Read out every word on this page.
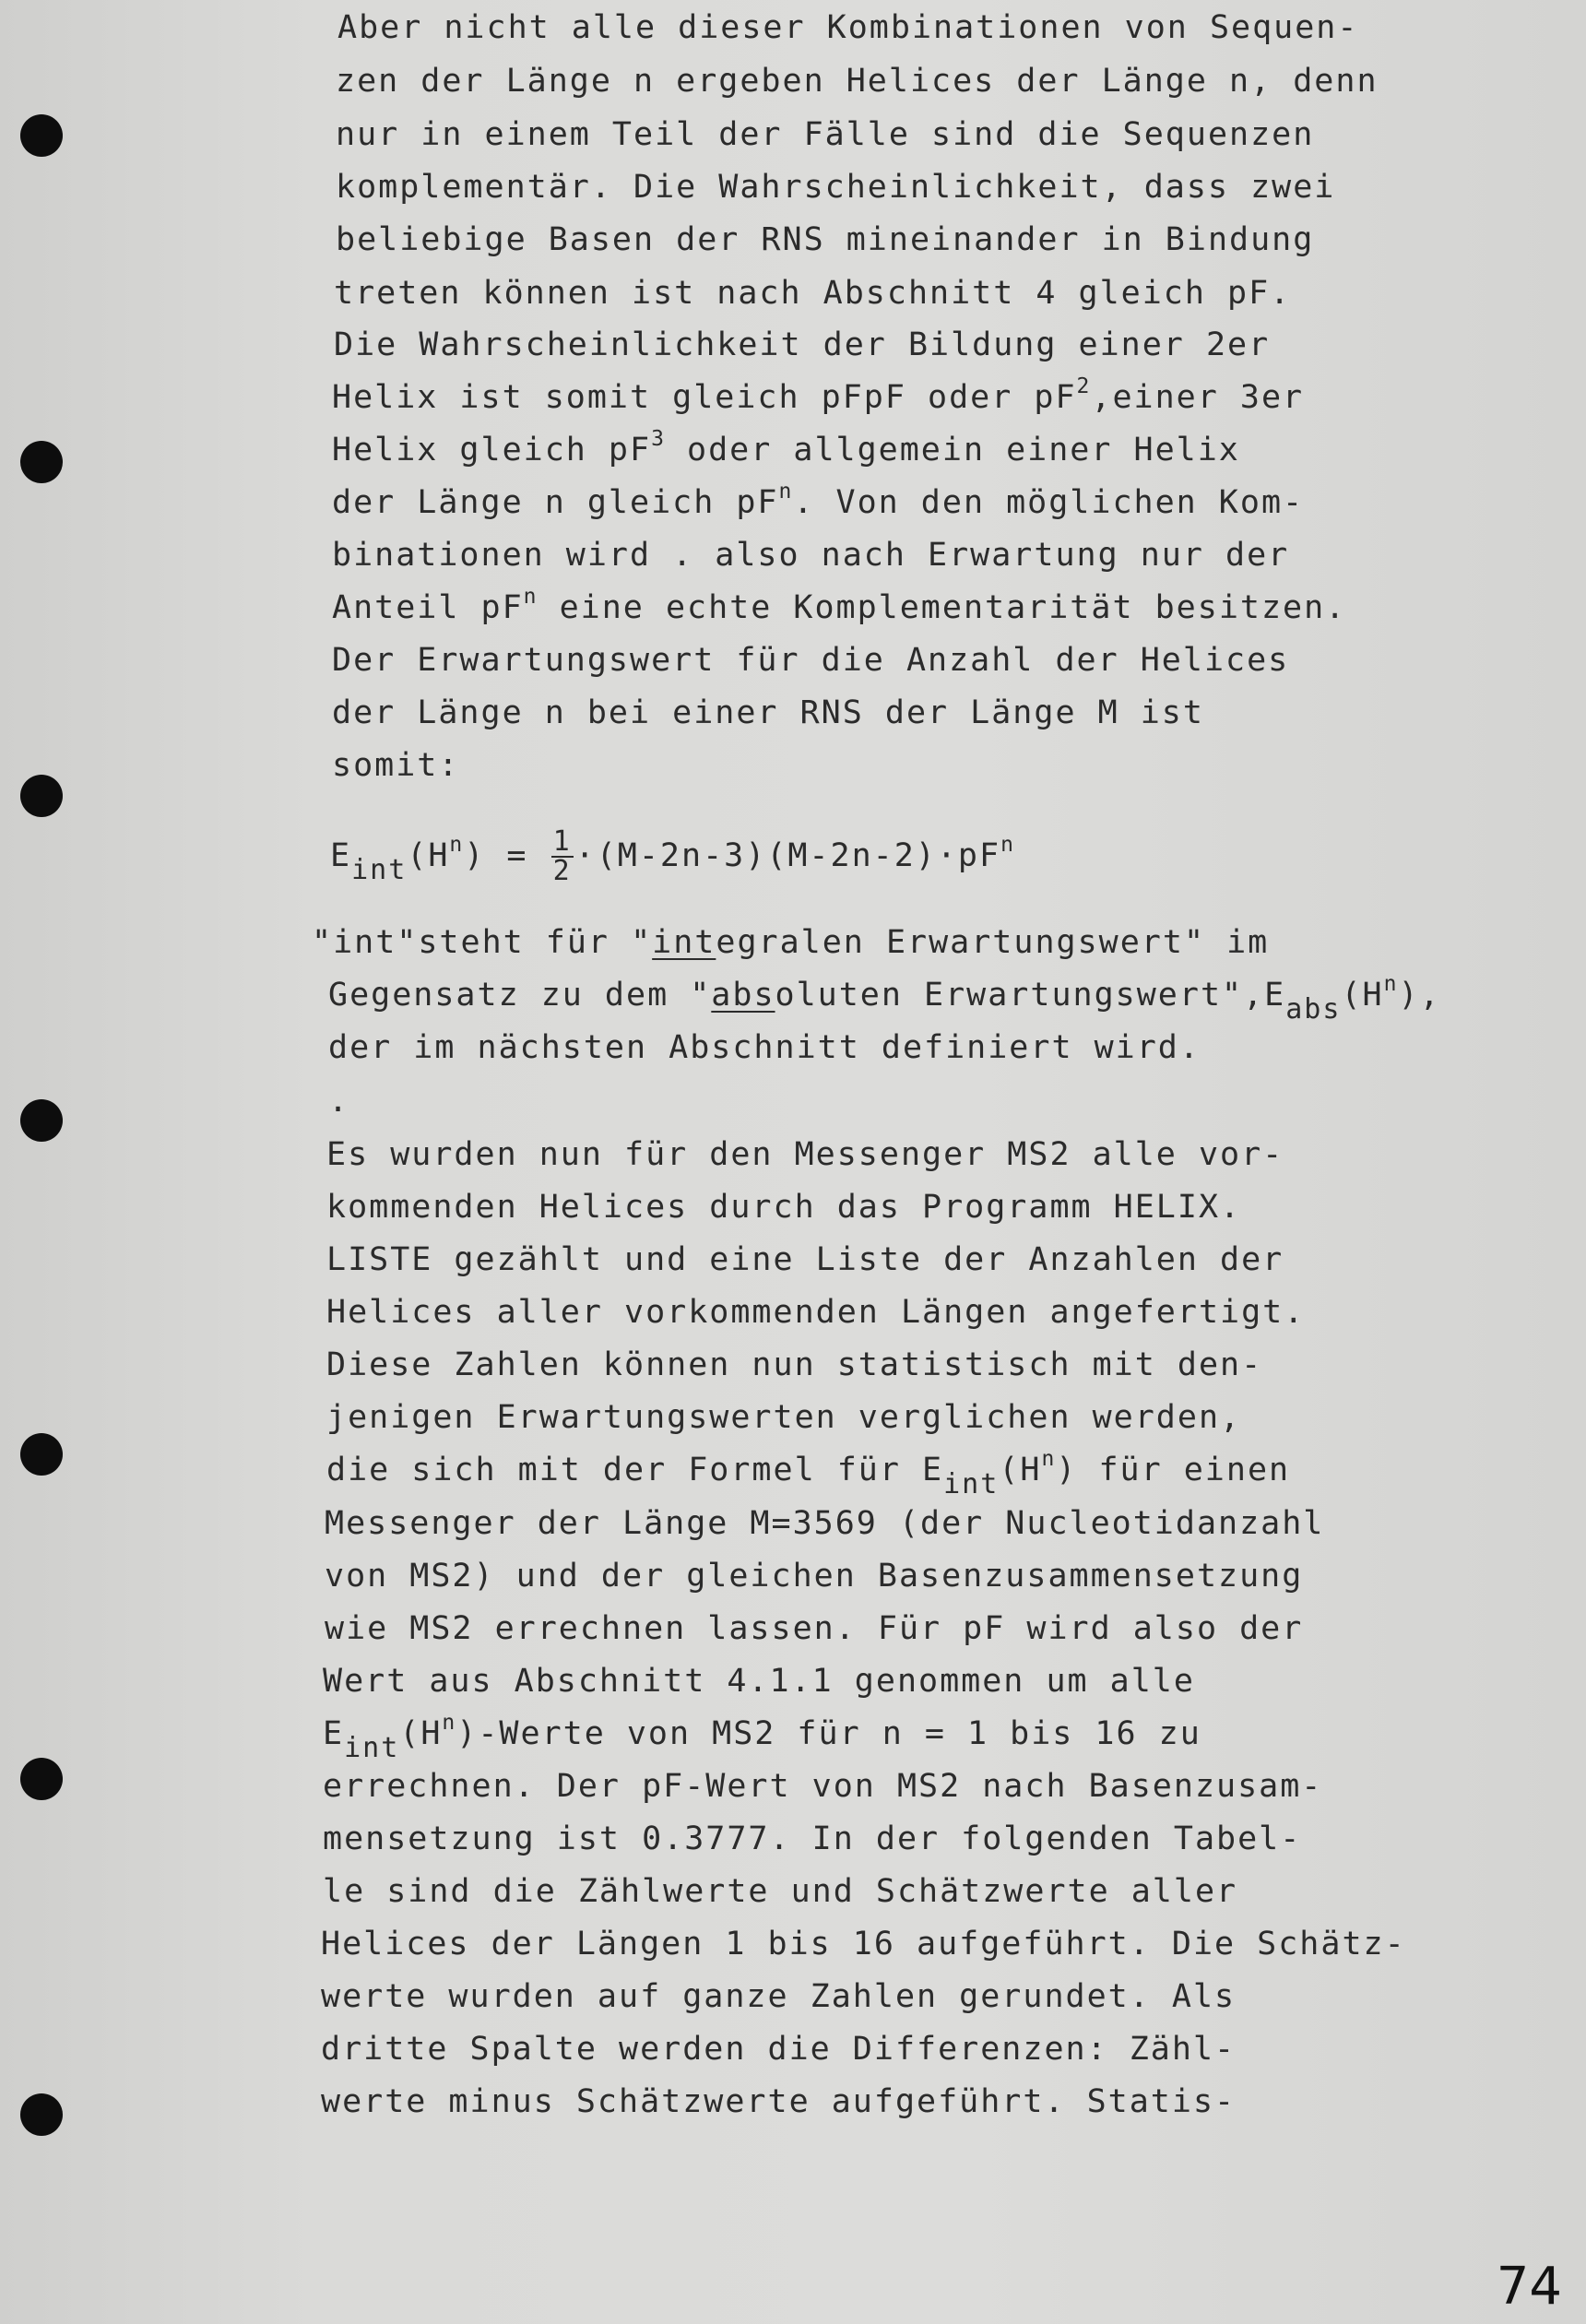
Aber nicht alle dieser Kombinationen von Sequen-
zen der Länge n ergeben Helices der Länge n, denn
nur in einem Teil der Fälle sind die Sequenzen
komplementär. Die Wahrscheinlichkeit, dass zwei
beliebige Basen der RNS mineinander in Bindung
treten können ist nach Abschnitt 4 gleich pF.
Die Wahrscheinlichkeit der Bildung einer 2er
Helix ist somit gleich pFpF oder $pF^2,einer$ 3er
Helix gleich $pF^3$ oder allgemein einer Helix
der Länge n gleich $pF^n$. Von den möglichen Kom-
binationen wird . also nach Erwartung nur der
Anteil $pF^n$ eine echte Komplementarität besitzen.
Der Erwartungswert für die Anzahl der Helices
der Länge n bei einer RNS der Länge M ist
somit:
$E_{int}(H^n) = \frac{1}{2} \cdot(M-2n-3)(M-2n-2)\cdot pF^n$
"int"steht für "integralen Erwartungswert" im
Gegensatz zu dem "absoluten $Erwartungswert",E_{abs}(H^n)$,
der im nächsten Abschnitt definiert wird.
.
Es wurden nun für den Messenger MS2 alle vor-
kommenden Helices durch das Programm HELIX.
LISTE gezählt und eine Liste der Anzahlen der
Helices aller vorkommenden Längen angefertigt.
Diese Zahlen können nun statistisch mit den-
jenigen Erwartungswerten verglichen werden,
die sich mit der Formel für $E_{int}(H^n)$ für einen
Messenger der Länge M=3569 (der Nucleotidanzahl
von MS2) und der gleichen Basenzusammensetzung
wie MS2 errechnen lassen. Für pF wird also der
Wert aus Abschnitt 4.1.1 genommen um alle
$E_{int}(H^n)$-Werte von MS2 für n = 1 bis 16 zu
errechnen. Der pF-Wert von MS2 nach Basenzusam-
mensetzung ist 0.3777. In der folgenden Tabel-
le sind die Zählwerte und Schätzwerte aller
Helices der Längen 1 bis 16 aufgeführt. Die Schätz-
werte wurden auf ganze Zahlen gerundet. Als
dritte Spalte werden die Differenzen: Zähl-
werte minus Schätzwerte aufgeführt. Statis-
74
